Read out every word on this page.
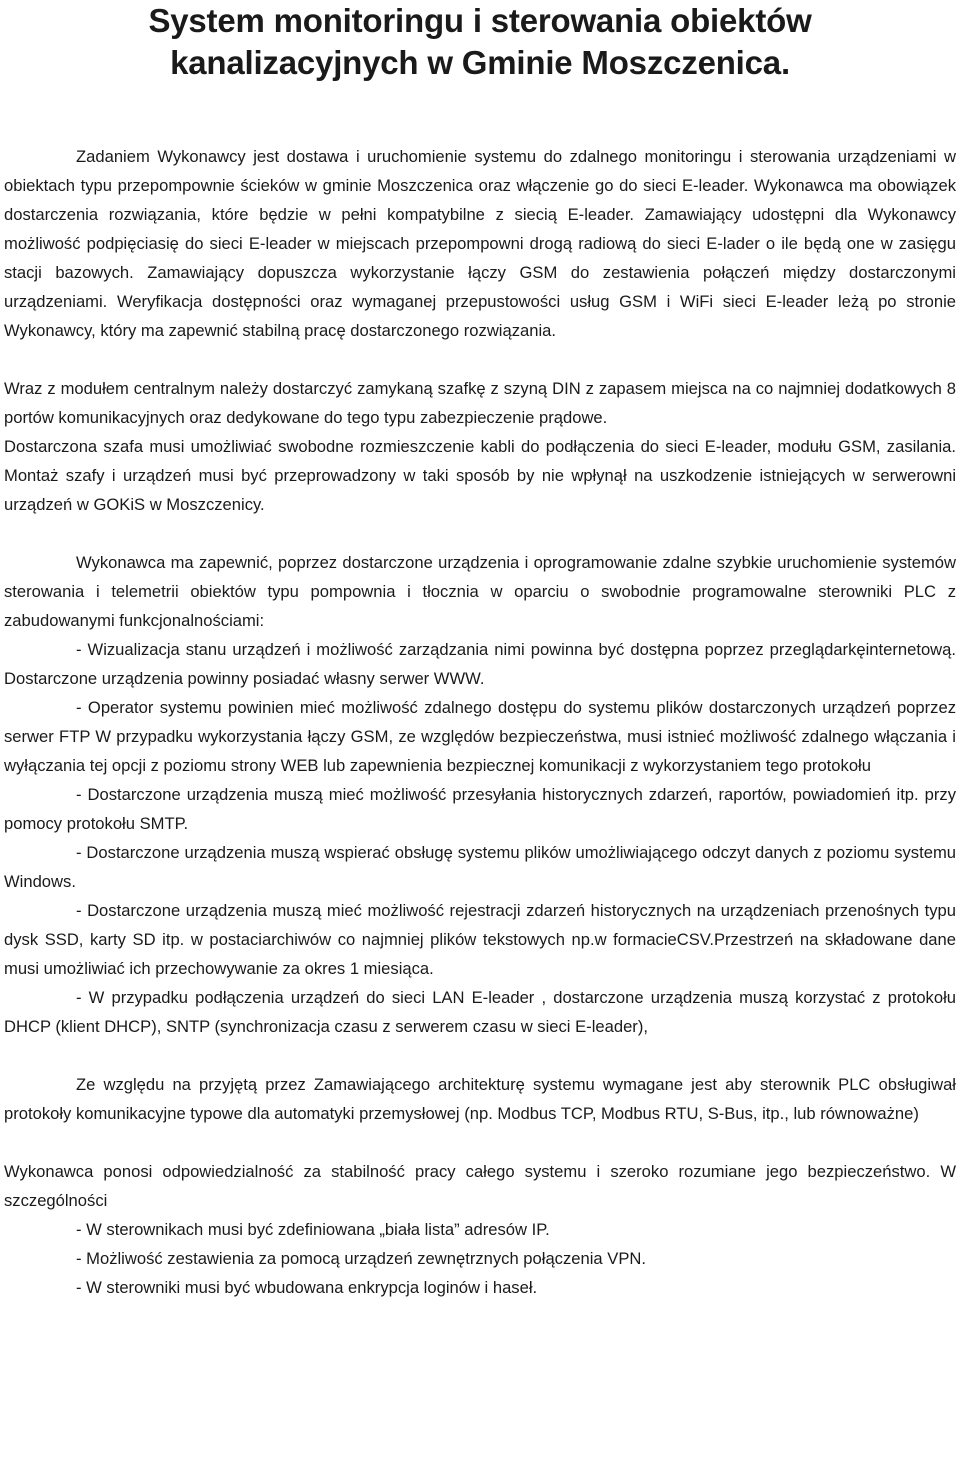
System monitoringu i sterowania obiektów kanalizacyjnych w Gminie Moszczenica.

Zadaniem Wykonawcy jest dostawa i uruchomienie systemu do zdalnego monitoringu i sterowania urządzeniami w obiektach typu przepompownie ścieków w gminie Moszczenica oraz włączenie go do sieci E-leader. Wykonawca ma obowiązek dostarczenia rozwiązania, które będzie w pełni kompatybilne z siecią E-leader. Zamawiający udostępni dla Wykonawcy możliwość podpięciasię do sieci E-leader w miejscach przepompowni drogą radiową do sieci E-lader o ile będą one w zasięgu stacji bazowych. Zamawiający dopuszcza wykorzystanie łączy GSM do zestawienia połączeń między dostarczonymi urządzeniami. Weryfikacja dostępności oraz wymaganej przepustowości usług GSM i WiFi sieci E-leader leżą po stronie Wykonawcy, który ma zapewnić stabilną pracę dostarczonego rozwiązania.

Wraz z modułem centralnym należy dostarczyć zamykaną szafkę z szyną DIN z zapasem miejsca na co najmniej dodatkowych 8 portów komunikacyjnych oraz dedykowane do tego typu zabezpieczenie prądowe.

Dostarczona szafa musi umożliwiać swobodne rozmieszczenie kabli do podłączenia do sieci E-leader, modułu GSM, zasilania. Montaż szafy i urządzeń musi być przeprowadzony w taki sposób by nie wpłynął na uszkodzenie istniejących w serwerowni urządzeń w GOKiS w Moszczenicy.

Wykonawca ma zapewnić, poprzez dostarczone urządzenia i oprogramowanie zdalne szybkie uruchomienie systemów sterowania i telemetrii obiektów typu pompownia i tłocznia w oparciu o swobodnie programowalne sterowniki PLC z zabudowanymi funkcjonalnościami:

- Wizualizacja stanu urządzeń i możliwość zarządzania nimi powinna być dostępna poprzez przeglądarkęinternetową. Dostarczone urządzenia powinny posiadać własny serwer WWW.

- Operator systemu powinien mieć możliwość zdalnego dostępu do systemu plików dostarczonych urządzeń poprzez serwer FTP W przypadku wykorzystania łączy GSM, ze względów bezpieczeństwa, musi istnieć możliwość zdalnego włączania i wyłączania tej opcji z poziomu strony WEB lub zapewnienia bezpiecznej komunikacji z wykorzystaniem tego protokołu

- Dostarczone urządzenia muszą mieć możliwość przesyłania historycznych zdarzeń, raportów, powiadomień itp. przy pomocy protokołu SMTP.

- Dostarczone urządzenia muszą wspierać obsługę systemu plików umożliwiającego odczyt danych z poziomu systemu Windows.

- Dostarczone urządzenia muszą mieć możliwość rejestracji zdarzeń historycznych na urządzeniach przenośnych typu dysk SSD, karty SD itp. w postaciarchiwów co najmniej plików tekstowych np.w formacieCSV.Przestrzeń na składowane dane musi umożliwiać ich przechowywanie za okres 1 miesiąca.

- W przypadku podłączenia urządzeń do sieci LAN E-leader , dostarczone urządzenia muszą korzystać z protokołu DHCP (klient DHCP), SNTP (synchronizacja czasu z serwerem czasu w sieci E-leader),

Ze względu na przyjętą przez Zamawiającego architekturę systemu wymagane jest aby sterownik PLC obsługiwał protokoły komunikacyjne typowe dla automatyki przemysłowej (np. Modbus TCP, Modbus RTU, S-Bus, itp., lub równoważne)

Wykonawca ponosi odpowiedzialność za stabilność pracy całego systemu i szeroko rozumiane jego bezpieczeństwo. W szczególności

- W sterownikach musi być zdefiniowana „biała lista” adresów IP.

- Możliwość zestawienia za pomocą urządzeń zewnętrznych połączenia VPN.

- W sterowniki musi być wbudowana enkrypcja loginów i haseł.
